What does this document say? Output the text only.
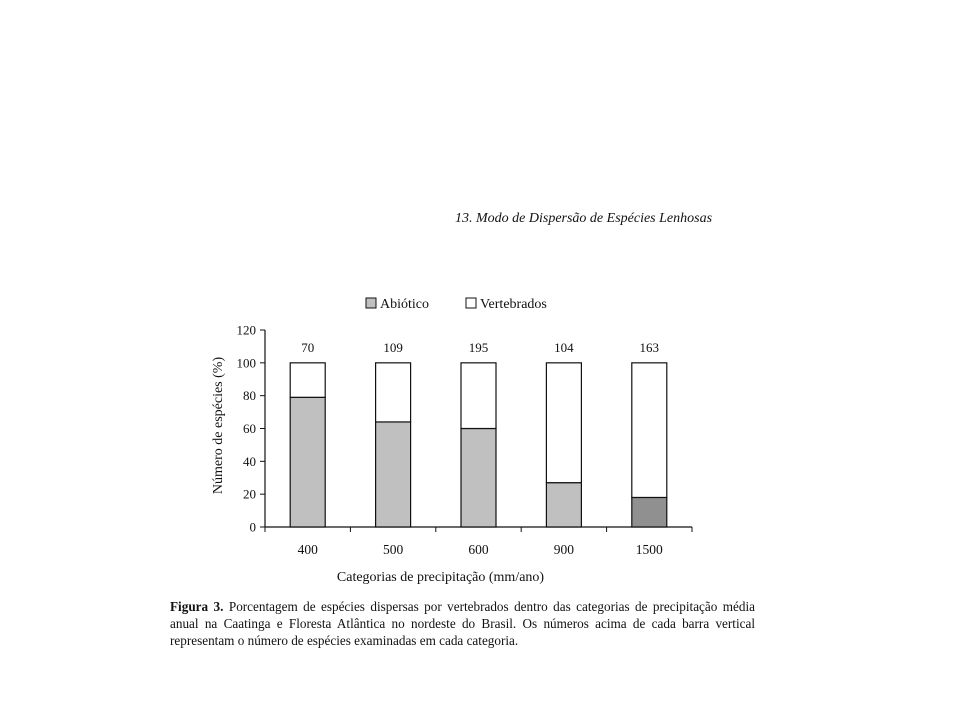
13. Modo de Dispersão de Espécies Lenhosas
Abiótico	Vertebrados
0
20
40
60
80
100
120
70
400
109
500
195
600
104
900
163
1500
Categorias de precipitação (mm/ano)
Número de espécies (%)
Figura 3. Porcentagem de espécies dispersas por vertebrados dentro das categorias de precipitação média anual na Caatinga e Floresta Atlântica no nordeste do Brasil. Os números acima de cada barra vertical representam o número de espécies examinadas em cada categoria.
